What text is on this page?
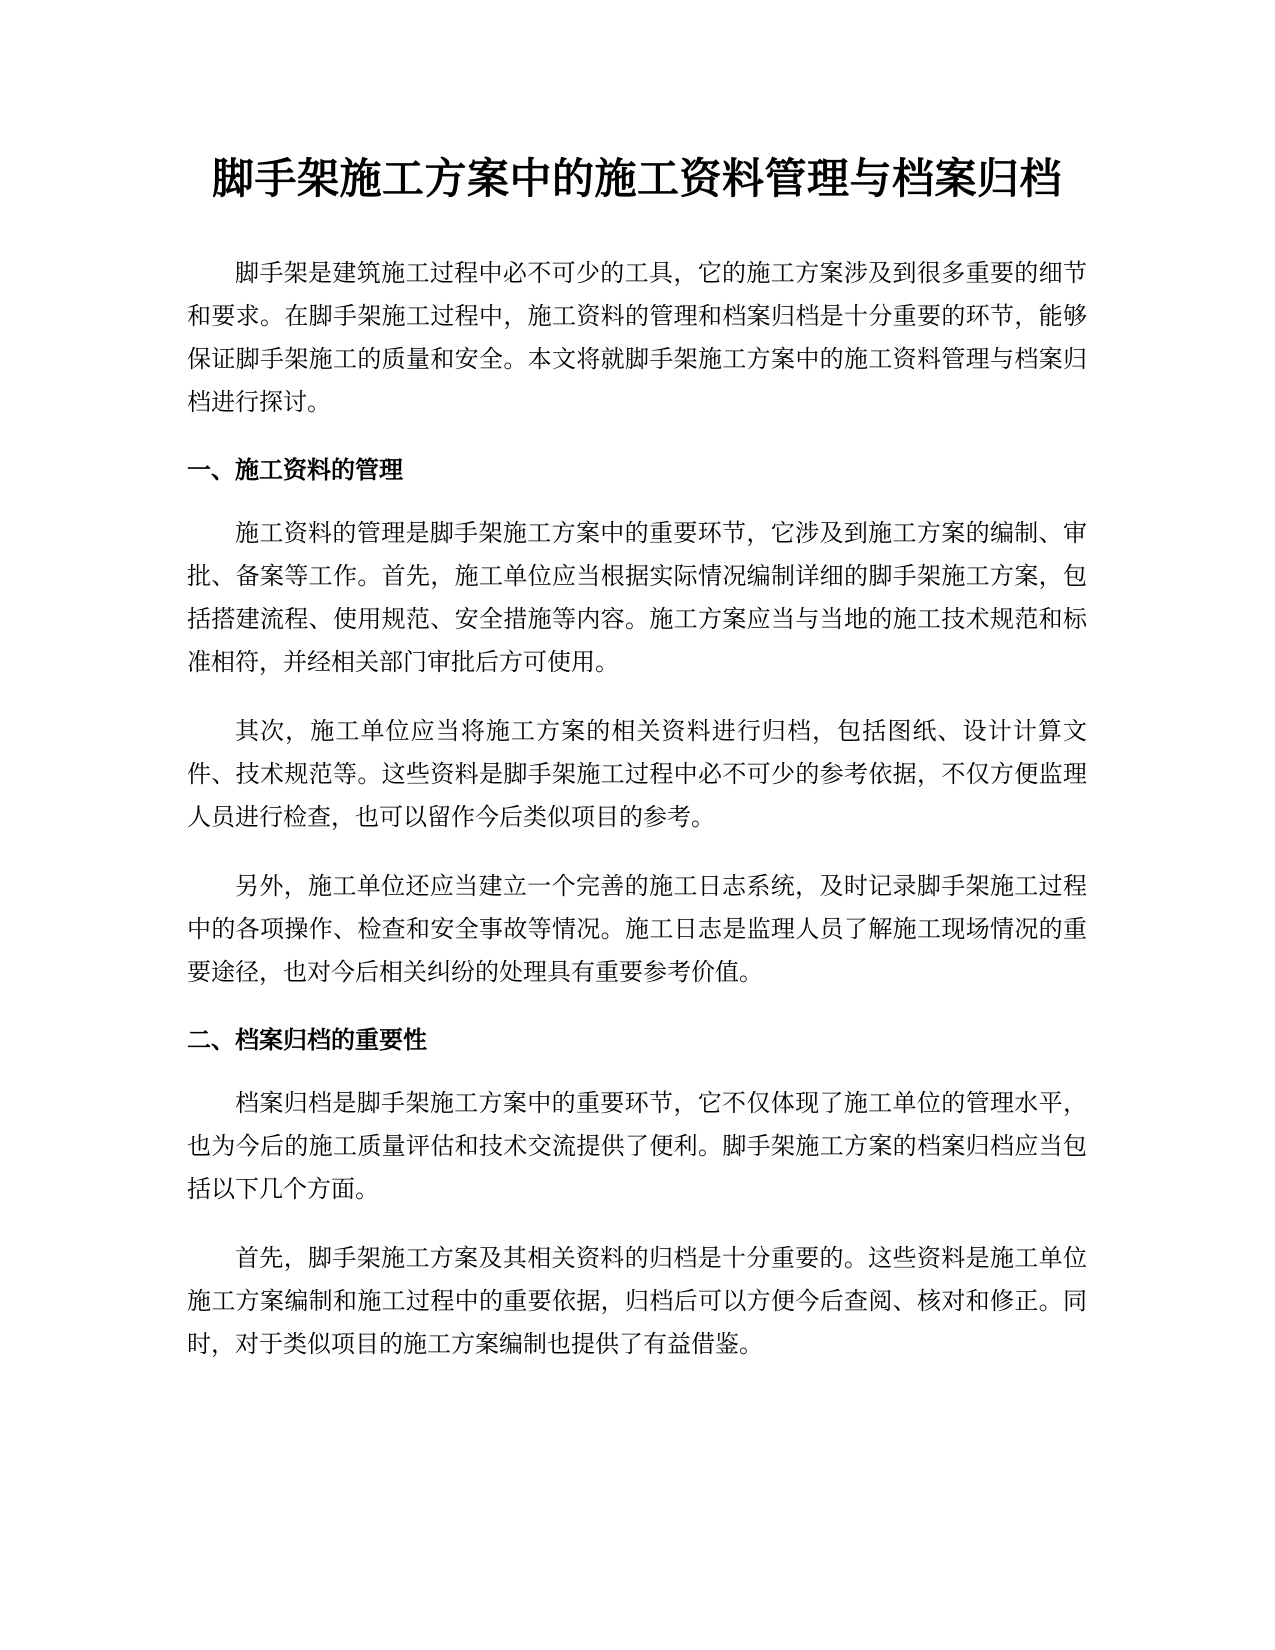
脚手架施工方案中的施工资料管理与档案归档

脚手架是建筑施工过程中必不可少的工具，它的施工方案涉及到很多重要的细节和要求。在脚手架施工过程中，施工资料的管理和档案归档是十分重要的环节，能够保证脚手架施工的质量和安全。本文将就脚手架施工方案中的施工资料管理与档案归档进行探讨。

一、施工资料的管理

施工资料的管理是脚手架施工方案中的重要环节，它涉及到施工方案的编制、审批、备案等工作。首先，施工单位应当根据实际情况编制详细的脚手架施工方案，包括搭建流程、使用规范、安全措施等内容。施工方案应当与当地的施工技术规范和标准相符，并经相关部门审批后方可使用。

其次，施工单位应当将施工方案的相关资料进行归档，包括图纸、设计计算文件、技术规范等。这些资料是脚手架施工过程中必不可少的参考依据，不仅方便监理人员进行检查，也可以留作今后类似项目的参考。

另外，施工单位还应当建立一个完善的施工日志系统，及时记录脚手架施工过程中的各项操作、检查和安全事故等情况。施工日志是监理人员了解施工现场情况的重要途径，也对今后相关纠纷的处理具有重要参考价值。

二、档案归档的重要性

档案归档是脚手架施工方案中的重要环节，它不仅体现了施工单位的管理水平，也为今后的施工质量评估和技术交流提供了便利。脚手架施工方案的档案归档应当包括以下几个方面。

首先，脚手架施工方案及其相关资料的归档是十分重要的。这些资料是施工单位施工方案编制和施工过程中的重要依据，归档后可以方便今后查阅、核对和修正。同时，对于类似项目的施工方案编制也提供了有益借鉴。
